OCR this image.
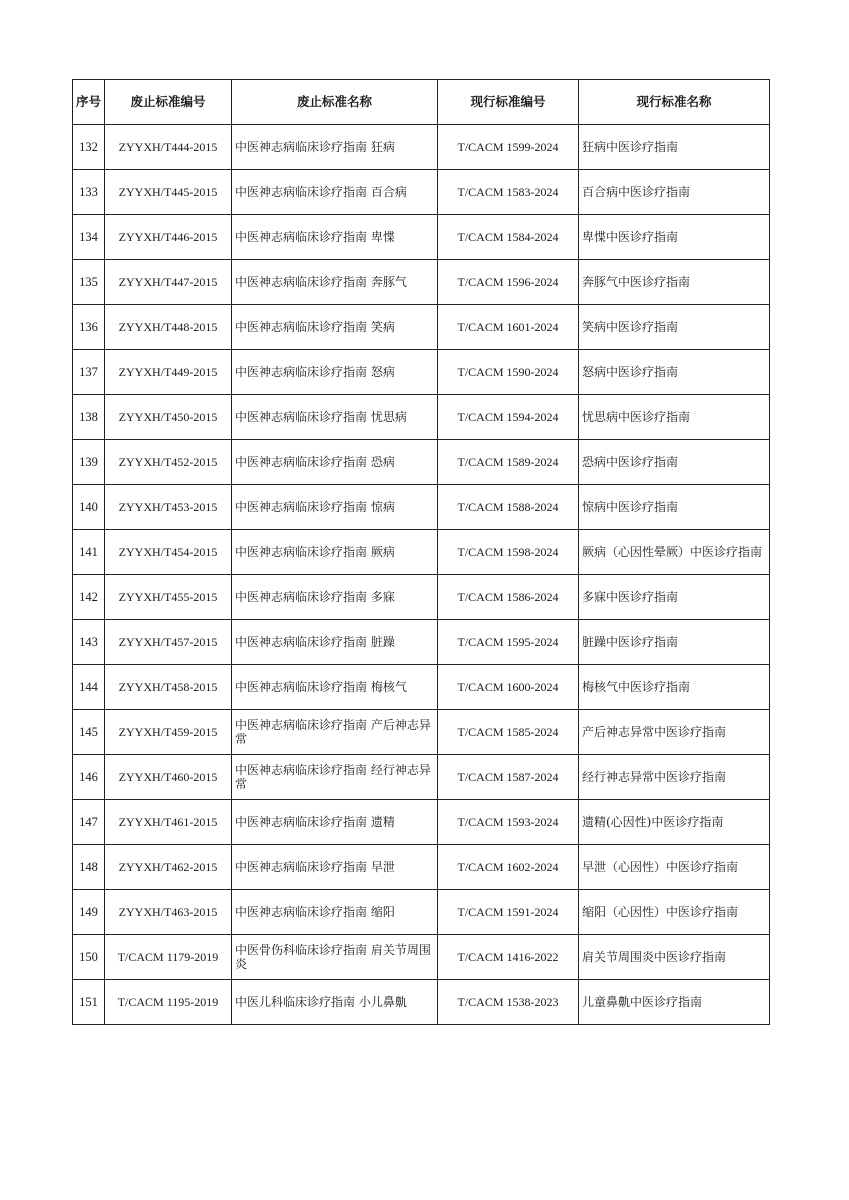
序号	废止标准编号	废止标准名称	现行标准编号	现行标准名称
132	ZYYXH/T444-2015	中医神志病临床诊疗指南 狂病	T/CACM 1599-2024	狂病中医诊疗指南
133	ZYYXH/T445-2015	中医神志病临床诊疗指南 百合病	T/CACM 1583-2024	百合病中医诊疗指南
134	ZYYXH/T446-2015	中医神志病临床诊疗指南 卑惵	T/CACM 1584-2024	卑惵中医诊疗指南
135	ZYYXH/T447-2015	中医神志病临床诊疗指南 奔豚气	T/CACM 1596-2024	奔豚气中医诊疗指南
136	ZYYXH/T448-2015	中医神志病临床诊疗指南 笑病	T/CACM 1601-2024	笑病中医诊疗指南
137	ZYYXH/T449-2015	中医神志病临床诊疗指南 怒病	T/CACM 1590-2024	怒病中医诊疗指南
138	ZYYXH/T450-2015	中医神志病临床诊疗指南 忧思病	T/CACM 1594-2024	忧思病中医诊疗指南
139	ZYYXH/T452-2015	中医神志病临床诊疗指南 恐病	T/CACM 1589-2024	恐病中医诊疗指南
140	ZYYXH/T453-2015	中医神志病临床诊疗指南 惊病	T/CACM 1588-2024	惊病中医诊疗指南
141	ZYYXH/T454-2015	中医神志病临床诊疗指南 厥病	T/CACM 1598-2024	厥病（心因性晕厥）中医诊疗指南
142	ZYYXH/T455-2015	中医神志病临床诊疗指南 多寐	T/CACM 1586-2024	多寐中医诊疗指南
143	ZYYXH/T457-2015	中医神志病临床诊疗指南 脏躁	T/CACM 1595-2024	脏躁中医诊疗指南
144	ZYYXH/T458-2015	中医神志病临床诊疗指南 梅核气	T/CACM 1600-2024	梅核气中医诊疗指南
145	ZYYXH/T459-2015	中医神志病临床诊疗指南 产后神志异常	T/CACM 1585-2024	产后神志异常中医诊疗指南
146	ZYYXH/T460-2015	中医神志病临床诊疗指南 经行神志异常	T/CACM 1587-2024	经行神志异常中医诊疗指南
147	ZYYXH/T461-2015	中医神志病临床诊疗指南 遗精	T/CACM 1593-2024	遗精(心因性)中医诊疗指南
148	ZYYXH/T462-2015	中医神志病临床诊疗指南 早泄	T/CACM 1602-2024	早泄（心因性）中医诊疗指南
149	ZYYXH/T463-2015	中医神志病临床诊疗指南 缩阳	T/CACM 1591-2024	缩阳（心因性）中医诊疗指南
150	T/CACM 1179-2019	中医骨伤科临床诊疗指南 肩关节周围炎	T/CACM 1416-2022	肩关节周围炎中医诊疗指南
151	T/CACM 1195-2019	中医儿科临床诊疗指南 小儿鼻鼽	T/CACM 1538-2023	儿童鼻鼽中医诊疗指南
